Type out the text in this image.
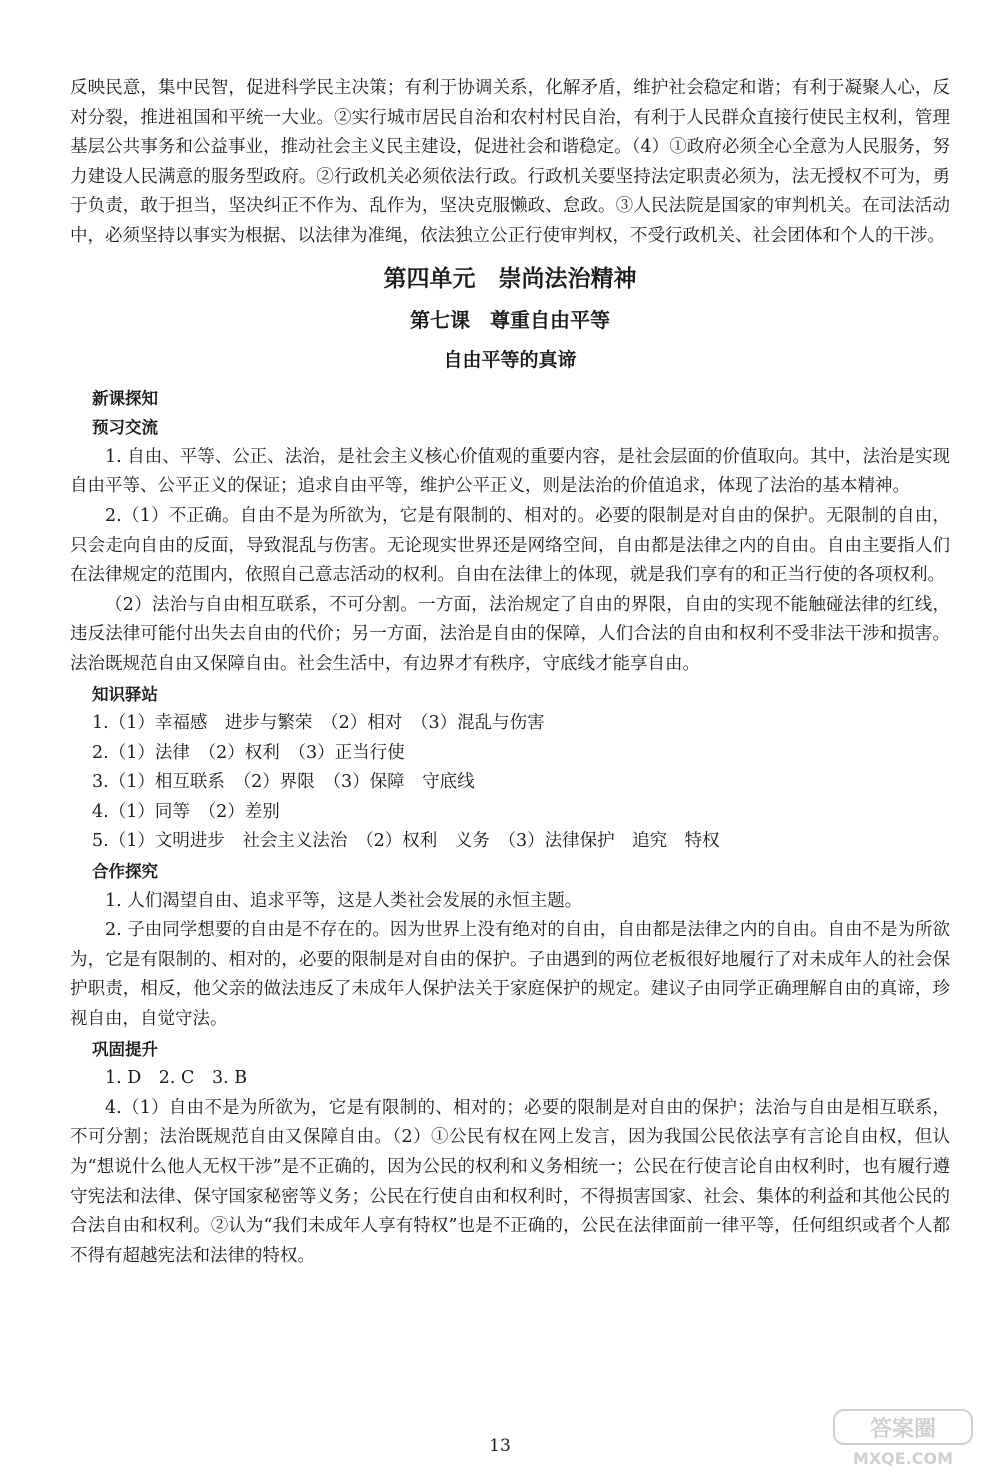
反映民意，集中民智，促进科学民主决策；有利于协调关系，化解矛盾，维护社会稳定和谐；有利于凝聚人心，反对分裂，推进祖国和平统一大业。②实行城市居民自治和农村村民自治，有利于人民群众直接行使民主权利，管理基层公共事务和公益事业，推动社会主义民主建设，促进社会和谐稳定。（4）①政府必须全心全意为人民服务，努力建设人民满意的服务型政府。②行政机关必须依法行政。行政机关要坚持法定职责必须为，法无授权不可为，勇于负责，敢于担当，坚决纠正不作为、乱作为，坚决克服懒政、怠政。③人民法院是国家的审判机关。在司法活动中，必须坚持以事实为根据、以法律为准绳，依法独立公正行使审判权，不受行政机关、社会团体和个人的干涉。

第四单元　崇尚法治精神
第七课　尊重自由平等
自由平等的真谛
新课探知
预习交流

1. 自由、平等、公正、法治，是社会主义核心价值观的重要内容，是社会层面的价值取向。其中，法治是实现自由平等、公平正义的保证；追求自由平等，维护公平正义，则是法治的价值追求，体现了法治的基本精神。

2.（1）不正确。自由不是为所欲为，它是有限制的、相对的。必要的限制是对自由的保护。无限制的自由，只会走向自由的反面，导致混乱与伤害。无论现实世界还是网络空间，自由都是法律之内的自由。自由主要指人们在法律规定的范围内，依照自己意志活动的权利。自由在法律上的体现，就是我们享有的和正当行使的各项权利。

（2）法治与自由相互联系，不可分割。一方面，法治规定了自由的界限，自由的实现不能触碰法律的红线，违反法律可能付出失去自由的代价；另一方面，法治是自由的保障，人们合法的自由和权利不受非法干涉和损害。法治既规范自由又保障自由。社会生活中，有边界才有秩序，守底线才能享自由。

知识驿站

1.（1）幸福感　进步与繁荣　（2）相对　（3）混乱与伤害

2.（1）法律　（2）权利　（3）正当行使

3.（1）相互联系　（2）界限　（3）保障　守底线

4.（1）同等　（2）差别

5.（1）文明进步　社会主义法治　（2）权利　义务　（3）法律保护　追究　特权

合作探究

1. 人们渴望自由、追求平等，这是人类社会发展的永恒主题。

2. 子由同学想要的自由是不存在的。因为世界上没有绝对的自由，自由都是法律之内的自由。自由不是为所欲为，它是有限制的、相对的，必要的限制是对自由的保护。子由遇到的两位老板很好地履行了对未成年人的社会保护职责，相反，他父亲的做法违反了未成年人保护法关于家庭保护的规定。建议子由同学正确理解自由的真谛，珍视自由，自觉守法。

巩固提升

1. D　2. C　3. B

4.（1）自由不是为所欲为，它是有限制的、相对的；必要的限制是对自由的保护；法治与自由是相互联系，不可分割；法治既规范自由又保障自由。（2）①公民有权在网上发言，因为我国公民依法享有言论自由权，但认为“想说什么他人无权干涉”是不正确的，因为公民的权利和义务相统一；公民在行使言论自由权利时，也有履行遵守宪法和法律、保守国家秘密等义务；公民在行使自由和权利时，不得损害国家、社会、集体的利益和其他公民的合法自由和权利。②认为“我们未成年人享有特权”也是不正确的，公民在法律面前一律平等，任何组织或者个人都不得有超越宪法和法律的特权。

13
答案圈
MXQE.COM
